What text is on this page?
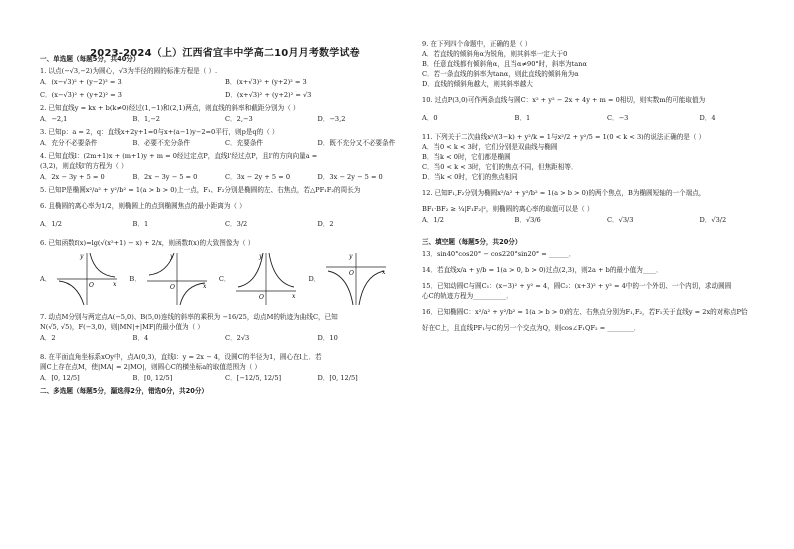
2023-2024（上）江西省宜丰中学高二10月月考数学试卷
一、单选题（每题5分，共40分）
1. 以点(−√3,−2)为圆心，√3为半径的圆的标准方程是（ ）.
A．(x−√3)² + (y−2)² = 3	B．(x+√3)² + (y+2)² = 3
C．(x−√3)² + (y+2)² = 3	D．(x+√3)² + (y+2)² = √3
2. 已知直线y = kx + b(k≠0)经过(1,−1)和(2,1)两点，则直线的斜率和截距分别为（ ）
A．−2,1	B．1,−2	C．2,−3	D．−3,2
3. 已知p：a = 2，q：直线x+2y+1=0与x+(a−1)y−2=0平行，则p是q的（ ）
A．充分不必要条件	B．必要不充分条件	C．充要条件	D．既不充分又不必要条件
4. 已知直线l：(2m+1)x + (m+1)y + m = 0经过定点P，直线l'经过点P，且l'的方向向量a =
(3,2)，则直线l'的方程为（ ）
A．2x − 3y + 5 = 0	B．2x − 3y − 5 = 0	C．3x − 2y + 5 = 0	D．3x − 2y − 5 = 0
5. 已知P是椭圆x²/a² + y²/b² = 1(a > b > 0)上一点，F₁、F₂分别是椭圆的左、右焦点，若△PF₁F₂的周长为
6. 且椭圆的离心率为1/2，则椭圆上的点到椭圆焦点的最小距离为（ ）
A．1/2	B．1	C．3/2	D．2
6. 已知函数f(x)=lg(√(x²+1) − x) + 2/x，则函数f(x)的大致图像为（ ）
A．
O	x
y
B．
O	x
y
C．
O	x
y
D．
O	x
y
7. 动点M分别与两定点A(−5,0)、B(5,0)连线的斜率的乘积为 −16/25，动点M的轨迹为曲线C，已知
N(√5, √5)，F(−3,0)，则|MN|+|MF|的最小值为（ ）
A．2	B．4	C．2√3	D．10
8. 在平面直角坐标系xOy中，点A(0,3)，直线l：y = 2x − 4，设圆C的半径为1，圆心在l上．若
圆C上存在点M，使|MA| = 2|MO|，则圆心C的横坐标a的取值范围为（ ）
A．[0, 12/5]	B．[0, 12/5]	C．[−12/5, 12/5]	D．[0, 12/5]
二、多选题（每题5分，漏选得2分，错选0分，共20分）
9. 在下列四个命题中，正确的是（ ）
A．若直线的倾斜角α为锐角，则其斜率一定大于0
B．任意直线都有倾斜角α，且当α≠90°时，斜率为tanα
C．若一条直线的斜率为tanα，则此直线的倾斜角为α
D．直线的倾斜角越大，则其斜率越大
10. 过点P(3,0)可作两条直线与圆C：x² + y² − 2x + 4y + m = 0相切，则实数m的可能取值为
A．0	B．1	C．−3	D．4
11. 下列关于二次曲线x²/(3−k) + y²/k = 1与x²/2 + y²/5 = 1(0 < k < 3)的说法正确的是（ ）
A．当0 < k < 3时，它们分别是双曲线与椭圆
B．当k < 0时，它们都是椭圆
C．当0 < k < 3时，它们的焦点不同，但焦距相等．
D．当k < 0时，它们的焦点相同
12. 已知F₁,F₂分别为椭圆x²/a² + y²/b² = 1(a > b > 0)的两个焦点，B为椭圆短轴的一个端点，
BF₁·BF₂ ≥ ¼|F₁F₂|²，则椭圆的离心率的取值可以是（ ）
A．1/2	B．√3/6	C．√3/3	D．√3/2
三、填空题（每题5分，共20分）
13．sin40°cos20° − cos220°sin20° = ______．
14．若直线x/a + y/b = 1(a > 0, b > 0)过点(2,3)，则2a + b的最小值为____．
15．已知动圆C与圆C₁：(x−3)² + y² = 4，圆C₂：(x+3)² + y² = 4中的一个外切、一个内切，求动圆圆
心C的轨迹方程为__________．
16．已知椭圆C：x²/a² + y²/b² = 1(a > b > 0)的左、右焦点分别为F₁,F₂，若F₁关于直线y = 2x的对称点P恰
好在C上，且直线PF₁与C的另一个交点为Q，则cos∠F₁QF₂ = ________．
